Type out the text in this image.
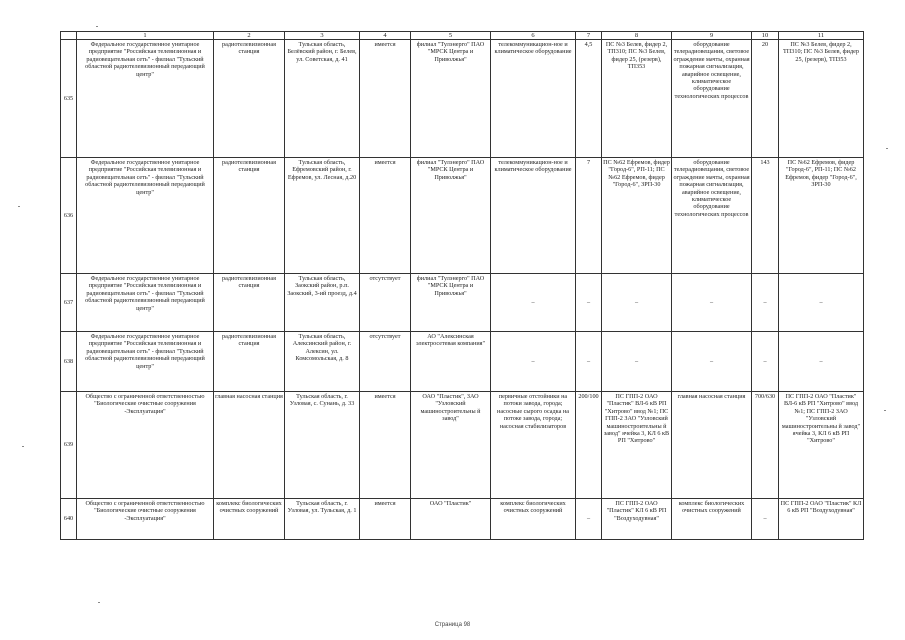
	1	2	3	4	5	6	7	8	9	10	11
635	Федеральное государственное унитарное предприятие "Российская телевизионная и радиовещательная сеть" - филиал "Тульский областной радиотелевизионный передающий центр"	радиотелевизионная станция	Тульская область, Белёвский район, г. Белев, ул. Советская, д. 41	имеется	филиал "Тулэнерго" ПАО "МРСК Центра и Приволжья"	телекоммуникацион-ное и климатическое оборудование	4,5	ПС №3 Белев, фидер 2, ТП310; ПС №3 Белев, фидер 25, (резерв), ТП353	оборудование телерадиовещания, световое ограждение мачты, охранная пожарная сигнализация, аварийное освещение, климатическое оборудование технологических процессов	20	ПС №3 Белев, фидер 2, ТП310; ПС №3 Белев, фидер 25, (резерв), ТП353
636	Федеральное государственное унитарное предприятие "Российская телевизионная и радиовещательная сеть" - филиал "Тульский областной радиотелевизионный передающий центр"	радиотелевизионная станция	Тульская область, Ефремовский район, г. Ефремов, ул. Лесная, д.20	имеется	филиал "Тулэнерго" ПАО "МРСК Центра и Приволжья"	телекоммуникацион-ное и климатическое оборудование	7	ПС №62 Ефремов, фидер "Город-6", РП-11; ПС №62 Ефремов, фидер "Город-6", ЗРП-30	оборудование телерадиовещания, световое ограждение мачты, охранная пожарная сигнализация, аварийное освещение, климатическое оборудование технологических процессов	143	ПС №62 Ефремов, фидер "Город-6", РП-11; ПС №62 Ефремов, фидер "Город-6", ЗРП-30
637	Федеральное государственное унитарное предприятие "Российская телевизионная и радиовещательная сеть" - филиал "Тульский областной радиотелевизионный передающий центр"	радиотелевизионная станция	Тульская область, Заокский район, р.п. Заокский, 3-ий проезд, д.4	отсутствует	филиал "Тулэнерго" ПАО "МРСК Центра и Приволжья"	–	–	–	–	–	–
638	Федеральное государственное унитарное предприятие "Российская телевизионная и радиовещательная сеть" - филиал "Тульский областной радиотелевизионный передающий центр"	радиотелевизионная станция	Тульская область, Алексинский район, г. Алексин, ул. Комсомольская, д. 8	отсутствует	АО "Алексинская электросетевая компания"	–	–	–	–	–	–
639	Общество с ограниченной ответственностью "Биологические очистные сооружения -Эксплуатация"	главная насосная станция	Тульская область, г. Узловая, с. Сунань, д. 33	имеется	ОАО "Пластик", ЗАО "Узловский машиностроительны й завод"	первичные отстойники на потоки завода, города; насосные сырого осадка на потоке завода, города; насосная стабилизаторов	200/100	ПС ГПП-2 ОАО "Пластик" ВЛ-6 кВ РП "Хитрово" ввод №1; ПС ГПП-2 ЗАО "Узловский машиностроительны й завод" ячейка 3, КЛ 6 кВ РП "Хитрово"	главная насосная станция	700/630	ПС ГПП-2 ОАО "Пластик" ВЛ-6 кВ РП "Хитрово" ввод №1; ПС ГПП-2 ЗАО "Узловский машиностроительны й завод" ячейка 3, КЛ 6 кВ РП "Хитрово"
640	Общество с ограниченной ответственностью "Биологические очистные сооружения -Эксплуатация"	комплекс биологических очистных сооружений	Тульская область, г. Узловая, ул. Тульская, д. 1	имеется	ОАО "Пластик"	комплекс биологических очистных сооружений	–	ПС ГПП-2 ОАО "Пластик" КЛ 6 кВ РП "Воздуходувная"	комплекс биологических очистных сооружений	–	ПС ГПП-2 ОАО "Пластик" КЛ 6 кВ РП "Воздуходувная"
Страница 98
